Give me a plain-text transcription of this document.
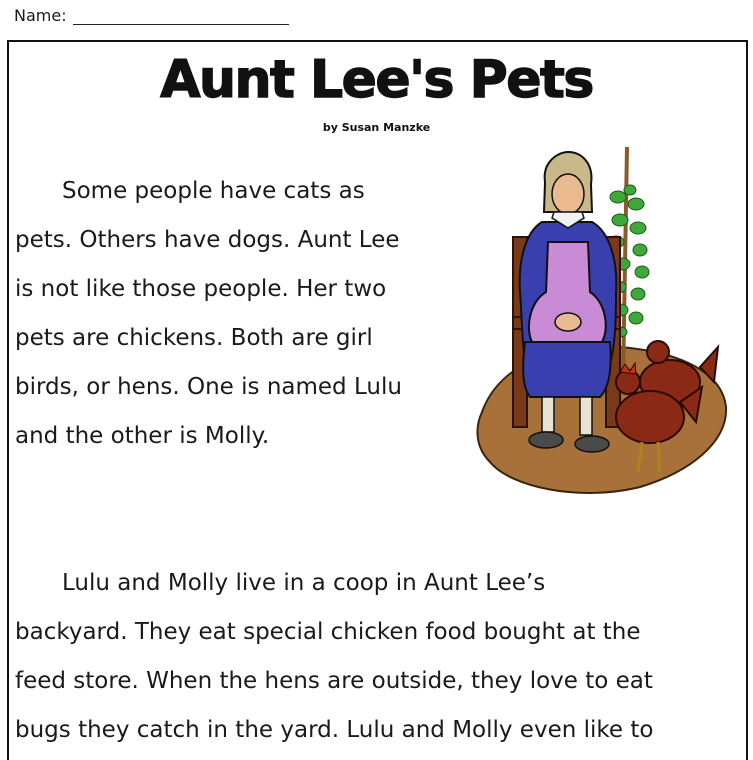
Name:
Aunt Lee's Pets
by Susan Manzke

Some people have cats as
pets. Others have dogs. Aunt Lee
is not like those people. Her two
pets are chickens. Both are girl
birds, or hens. One is named Lulu
and the other is Molly.

Lulu and Molly live in a coop in Aunt Lee’s
backyard. They eat special chicken food bought at the
feed store. When the hens are outside, they love to eat
bugs they catch in the yard. Lulu and Molly even like to
